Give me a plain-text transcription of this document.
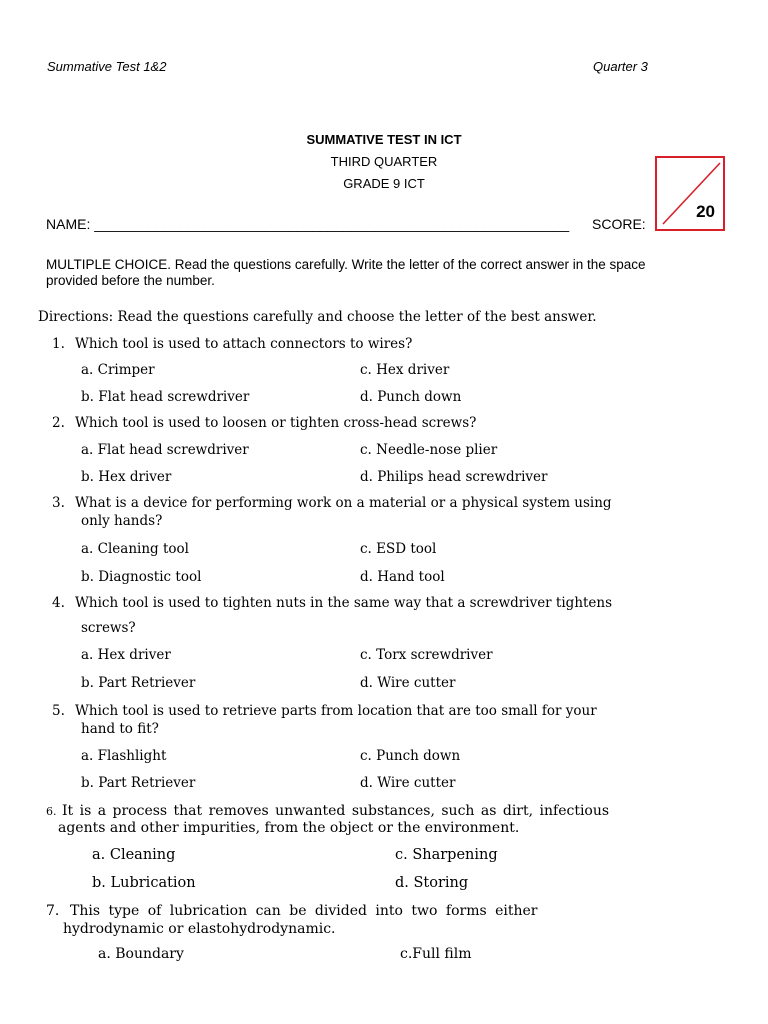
Summative Test 1&2	Quarter 3
SUMMATIVE TEST IN ICT
THIRD QUARTER
GRADE 9 ICT
20
NAME: _____________________________________________________________ SCORE:
MULTIPLE CHOICE. Read the questions carefully. Write the letter of the correct answer in the space provided before the number.
Directions: Read the questions carefully and choose the letter of the best answer.
1. Which tool is used to attach connectors to wires?
a. Crimper
b. Flat head screwdriver
c. Hex driver
d. Punch down
2. Which tool is used to loosen or tighten cross-head screws?
a. Flat head screwdriver
b. Hex driver
c. Needle-nose plier
d. Philips head screwdriver
3. What is a device for performing work on a material or a physical system using
only hands?
a. Cleaning tool
b. Diagnostic tool
c. ESD tool
d. Hand tool
4. Which tool is used to tighten nuts in the same way that a screwdriver tightens
screws?
a. Hex driver
b. Part Retriever
c. Torx screwdriver
d. Wire cutter
5. Which tool is used to retrieve parts from location that are too small for your
hand to fit?
a. Flashlight
b. Part Retriever
c. Punch down
d. Wire cutter
6. It is a process that removes unwanted substances, such as dirt, infectious
agents and other impurities, from the object or the environment.
a. Cleaning
b. Lubrication
c. Sharpening
d. Storing
7. This type of lubrication can be divided into two forms either
hydrodynamic or elastohydrodynamic.
a. Boundary	c.Full film
